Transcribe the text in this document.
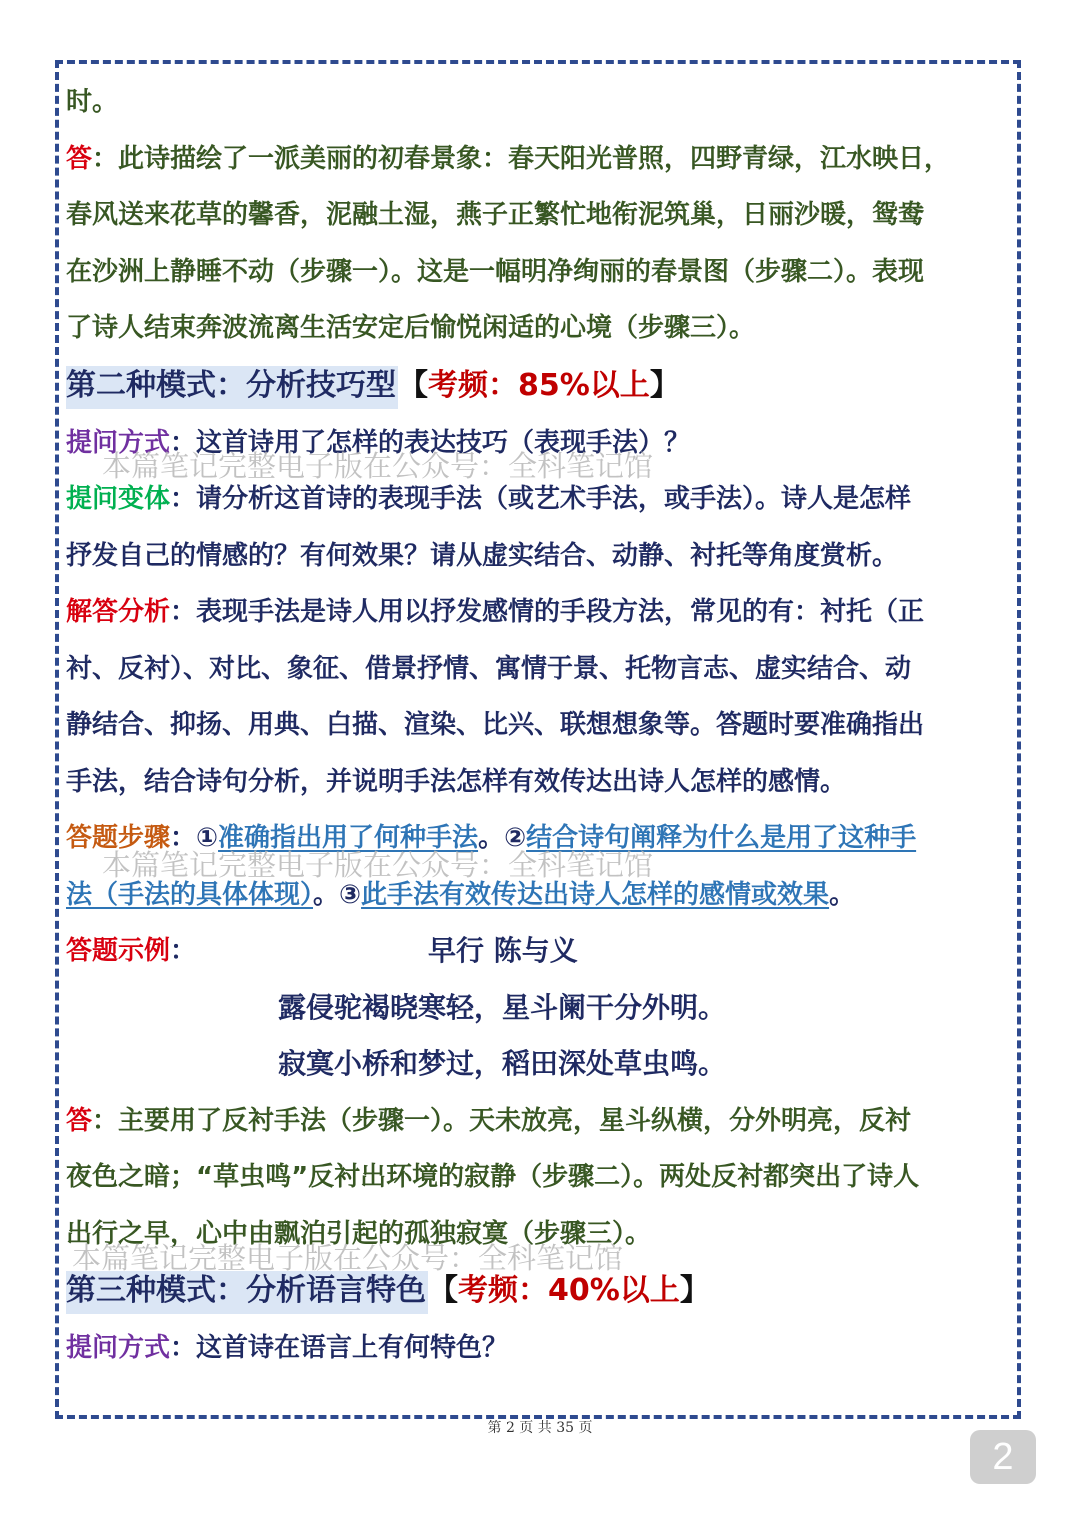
时。

答：此诗描绘了一派美丽的初春景象：春天阳光普照，四野青绿，江水映日，

春风送来花草的馨香，泥融土湿，燕子正繁忙地衔泥筑巢，日丽沙暖，鸳鸯

在沙洲上静睡不动（步骤一）。这是一幅明净绚丽的春景图（步骤二）。表现

了诗人结束奔波流离生活安定后愉悦闲适的心境（步骤三）。

第二种模式：分析技巧型【考频：85%以上】

提问方式：这首诗用了怎样的表达技巧（表现手法）？

提问变体：请分析这首诗的表现手法（或艺术手法，或手法）。诗人是怎样

抒发自己的情感的？有何效果？请从虚实结合、动静、衬托等角度赏析。

解答分析：表现手法是诗人用以抒发感情的手段方法，常见的有：衬托（正

衬、反衬）、对比、象征、借景抒情、寓情于景、托物言志、虚实结合、动

静结合、抑扬、用典、白描、渲染、比兴、联想想象等。答题时要准确指出

手法，结合诗句分析，并说明手法怎样有效传达出诗人怎样的感情。

答题步骤：①准确指出用了何种手法。②结合诗句阐释为什么是用了这种手

法（手法的具体体现）。③此手法有效传达出诗人怎样的感情或效果。

答题示例：	早行 陈与义

露侵驼褐晓寒轻，星斗阑干分外明。

寂寞小桥和梦过，稻田深处草虫鸣。

答：主要用了反衬手法（步骤一）。天未放亮，星斗纵横，分外明亮，反衬

夜色之暗；“草虫鸣”反衬出环境的寂静（步骤二）。两处反衬都突出了诗人

出行之早，心中由飘泊引起的孤独寂寞（步骤三）。

第三种模式：分析语言特色【考频：40%以上】

提问方式：这首诗在语言上有何特色？

本篇笔记完整电子版在公众号：全科笔记馆
本篇笔记完整电子版在公众号：全科笔记馆
本篇笔记完整电子版在公众号：全科笔记馆
第 2 页 共 35 页
2
